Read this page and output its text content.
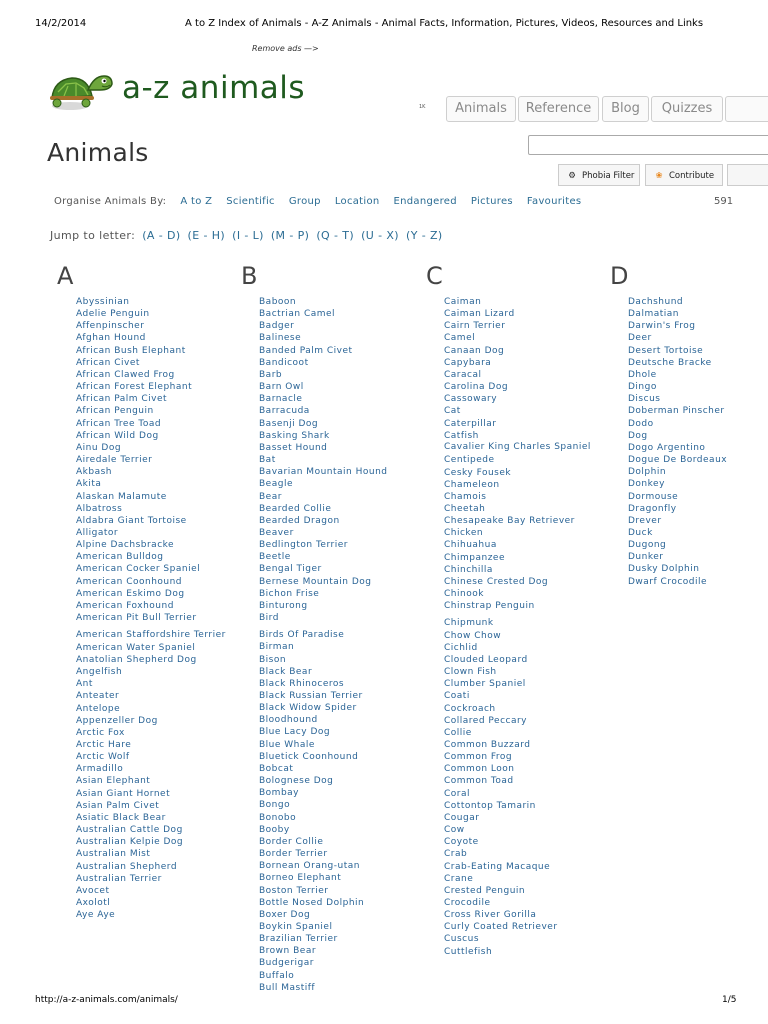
14/2/2014	A to Z Index of Animals - A-Z Animals - Animal Facts, Information, Pictures, Videos, Resources and Links
Remove ads —>
a-z animals
1K	Animals	Reference	Blog	Quizzes
Animals
⚙ Phobia Filter	❀ Contribute
Organise Animals By: A to Z Scientific Group Location Endangered Pictures Favourites	591
Jump to letter: (A - D) (E - H) (I - L) (M - P) (Q - T) (U - X) (Y - Z)
A	B	C	D
Abyssinian
Adelie Penguin
Affenpinscher
Afghan Hound
African Bush Elephant
African Civet
African Clawed Frog
African Forest Elephant
African Palm Civet
African Penguin
African Tree Toad
African Wild Dog
Ainu Dog
Airedale Terrier
Akbash
Akita
Alaskan Malamute
Albatross
Aldabra Giant Tortoise
Alligator
Alpine Dachsbracke
American Bulldog
American Cocker Spaniel
American Coonhound
American Eskimo Dog
American Foxhound
American Pit Bull Terrier
American Staffordshire Terrier
American Water Spaniel
Anatolian Shepherd Dog
Angelfish
Ant
Anteater
Antelope
Appenzeller Dog
Arctic Fox
Arctic Hare
Arctic Wolf
Armadillo
Asian Elephant
Asian Giant Hornet
Asian Palm Civet
Asiatic Black Bear
Australian Cattle Dog
Australian Kelpie Dog
Australian Mist
Australian Shepherd
Australian Terrier
Avocet
Axolotl
Aye Aye
Baboon
Bactrian Camel
Badger
Balinese
Banded Palm Civet
Bandicoot
Barb
Barn Owl
Barnacle
Barracuda
Basenji Dog
Basking Shark
Basset Hound
Bat
Bavarian Mountain Hound
Beagle
Bear
Bearded Collie
Bearded Dragon
Beaver
Bedlington Terrier
Beetle
Bengal Tiger
Bernese Mountain Dog
Bichon Frise
Binturong
Bird
Birds Of Paradise
Birman
Bison
Black Bear
Black Rhinoceros
Black Russian Terrier
Black Widow Spider
Bloodhound
Blue Lacy Dog
Blue Whale
Bluetick Coonhound
Bobcat
Bolognese Dog
Bombay
Bongo
Bonobo
Booby
Border Collie
Border Terrier
Bornean Orang-utan
Borneo Elephant
Boston Terrier
Bottle Nosed Dolphin
Boxer Dog
Boykin Spaniel
Brazilian Terrier
Brown Bear
Budgerigar
Buffalo
Bull Mastiff
Caiman
Caiman Lizard
Cairn Terrier
Camel
Canaan Dog
Capybara
Caracal
Carolina Dog
Cassowary
Cat
Caterpillar
Catfish
Cavalier King Charles Spaniel
Centipede
Cesky Fousek
Chameleon
Chamois
Cheetah
Chesapeake Bay Retriever
Chicken
Chihuahua
Chimpanzee
Chinchilla
Chinese Crested Dog
Chinook
Chinstrap Penguin
Chipmunk
Chow Chow
Cichlid
Clouded Leopard
Clown Fish
Clumber Spaniel
Coati
Cockroach
Collared Peccary
Collie
Common Buzzard
Common Frog
Common Loon
Common Toad
Coral
Cottontop Tamarin
Cougar
Cow
Coyote
Crab
Crab-Eating Macaque
Crane
Crested Penguin
Crocodile
Cross River Gorilla
Curly Coated Retriever
Cuscus
Cuttlefish
Dachshund
Dalmatian
Darwin's Frog
Deer
Desert Tortoise
Deutsche Bracke
Dhole
Dingo
Discus
Doberman Pinscher
Dodo
Dog
Dogo Argentino
Dogue De Bordeaux
Dolphin
Donkey
Dormouse
Dragonfly
Drever
Duck
Dugong
Dunker
Dusky Dolphin
Dwarf Crocodile
http://a-z-animals.com/animals/	1/5
